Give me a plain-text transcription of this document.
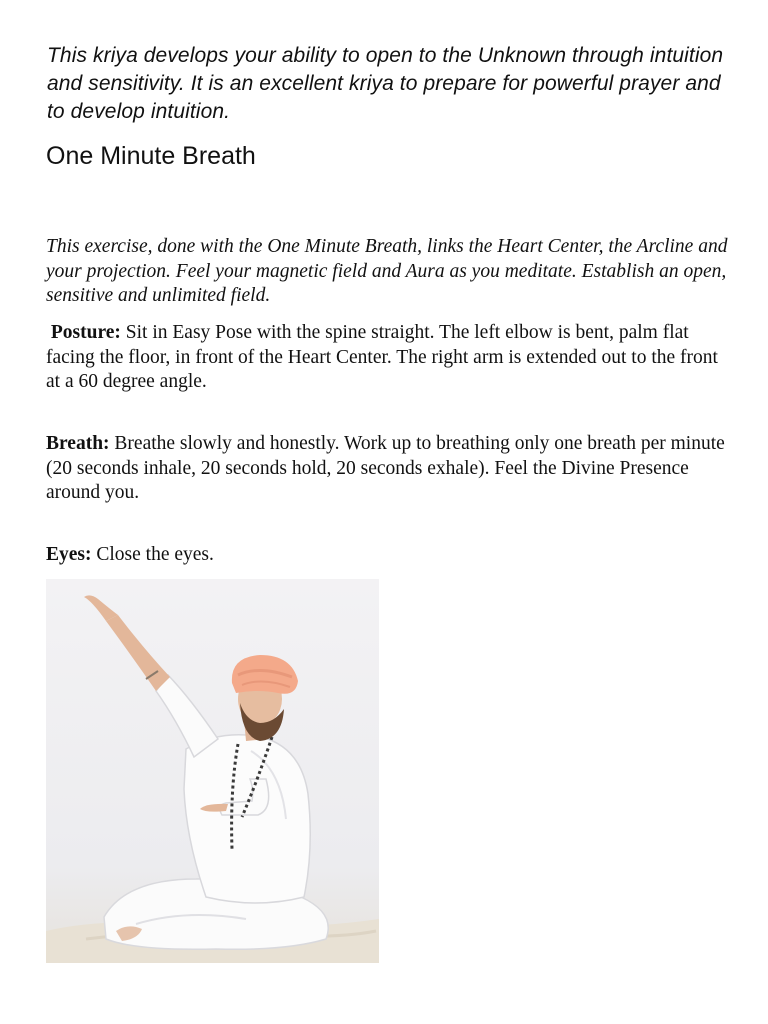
This kriya develops your ability to open to the Unknown through intuition and sensitivity. It is an excellent kriya to prepare for powerful prayer and to develop intuition.

One Minute Breath

This exercise, done with the One Minute Breath, links the Heart Center, the Arcline and your projection. Feel your magnetic field and Aura as you meditate. Establish an open, sensitive and unlimited field.

Posture: Sit in Easy Pose with the spine straight. The left elbow is bent, palm flat facing the floor, in front of the Heart Center. The right arm is extended out to the front at a 60 degree angle.

Breath: Breathe slowly and honestly. Work up to breathing only one breath per minute (20 seconds inhale, 20 seconds hold, 20 seconds exhale). Feel the Divine Presence around you.

Eyes: Close the eyes.
